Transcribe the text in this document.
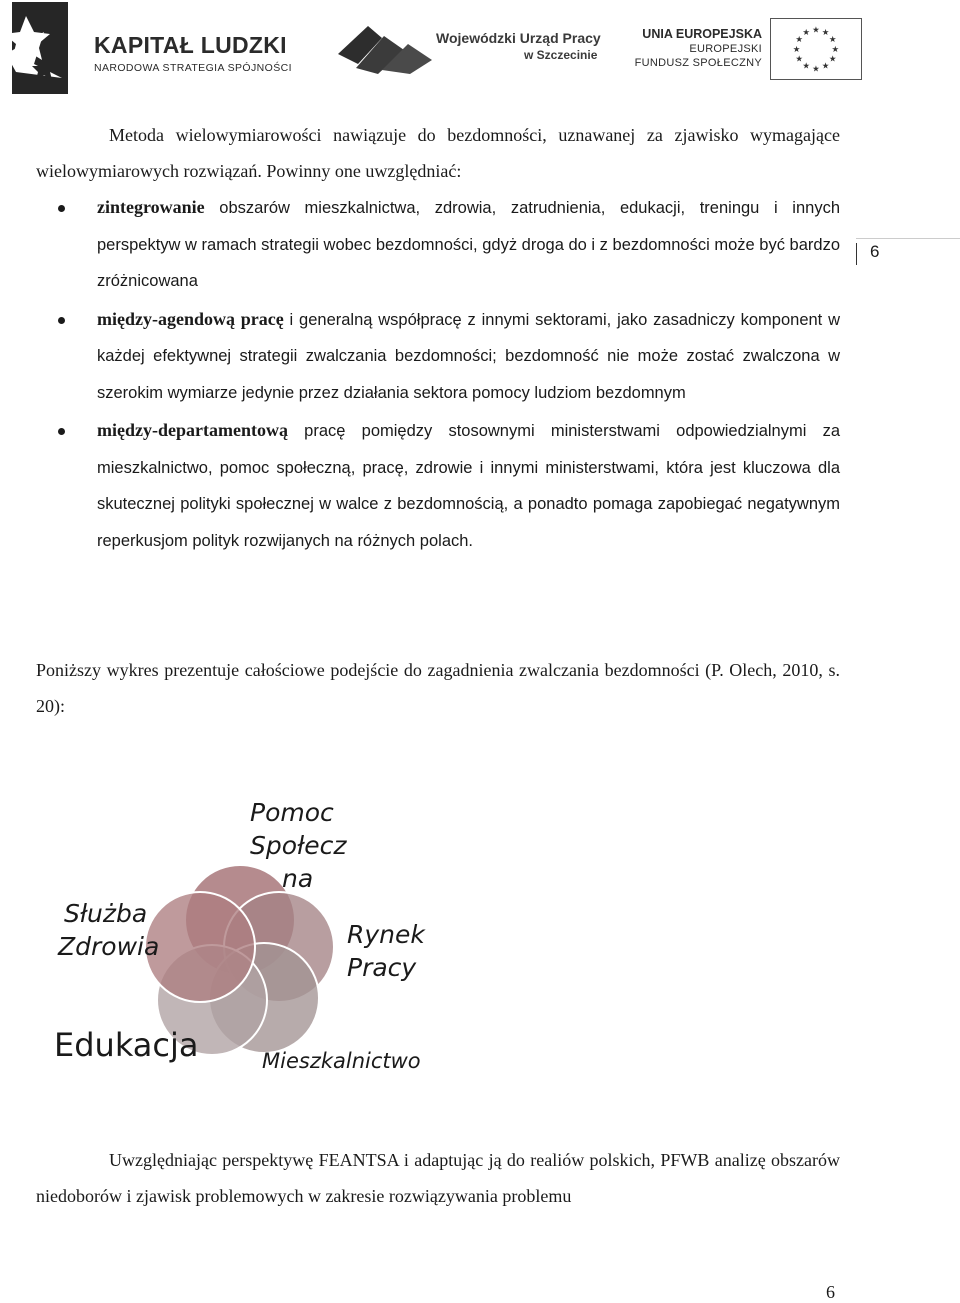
KAPITAŁ LUDZKI
NARODOWA STRATEGIA SPÓJNOŚCI
Wojewódzki Urząd Pracy
w Szczecinie
UNIA EUROPEJSKA
EUROPEJSKI
FUNDUSZ SPOŁECZNY
★ ★
★
★
★
★
★
★
★
★
★
★
Metoda wielowymiarowości nawiązuje do bezdomności, uznawanej za zjawisko wymagające wielowymiarowych rozwiązań. Powinny one uwzględniać:
zintegrowanie obszarów mieszkalnictwa, zdrowia, zatrudnienia, edukacji, treningu i innych perspektyw w ramach strategii wobec bezdomności, gdyż droga do i z bezdomności może być bardzo zróżnicowana
między-agendową pracę i generalną współpracę z innymi sektorami, jako zasadniczy komponent w każdej efektywnej strategii zwalczania bezdomności; bezdomność nie może zostać zwalczona w szerokim wymiarze jedynie przez działania sektora pomocy ludziom bezdomnym
między-departamentową pracę pomiędzy stosownymi ministerstwami odpowiedzialnymi za mieszkalnictwo, pomoc społeczną, pracę, zdrowie i innymi ministerstwami, która jest kluczowa dla skutecznej polityki społecznej w walce z bezdomnością, a ponadto pomaga zapobiegać negatywnym reperkusjom polityk rozwijanych na różnych polach.
6
Poniższy wykres prezentuje całościowe podejście do zagadnienia zwalczania bezdomności (P. Olech, 2010, s. 20):
Pomoc
Społecz
na
Rynek
Pracy
Służba
Zdrowia
Edukacja	Mieszkalnictwo
Uwzględniając perspektywę FEANTSA i adaptując ją do realiów polskich, PFWB analizę obszarów niedoborów i zjawisk problemowych w zakresie rozwiązywania problemu
6
